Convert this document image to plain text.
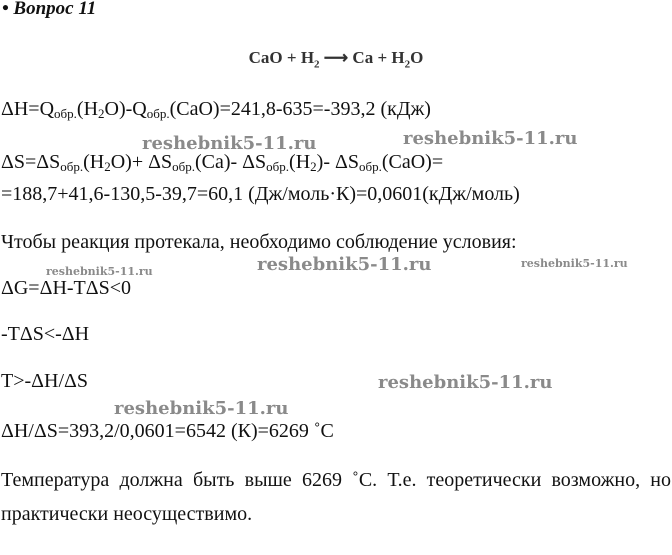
• Вопрос 11
CaO + $H_2$ ⟶ $Ca + H_2O$
$\Delta H=Q_{обр.}(H_2O)-Q_{обр.}(CaO)=241,8-635=-393,2$ (кДж)
$\Delta S=\Delta S_{обр.}(H_2O)+ \Delta S_{обр.}(Ca)-$ $\Delta S_{обр.}(H_2)-$ $\Delta S_{обр.}(CaO)=$
=188,7+41,6-130,5-39,7=60,1 (Дж/моль·К)=0,0601(кДж/моль)
Чтобы реакция протекала, необходимо соблюдение условия:
ΔG=ΔH-TΔS<0
-TΔS<-ΔH
T>-ΔH/ΔS
ΔH/ΔS=393,2/0,0601=6542 (К)=6269 ˚C
Температура должна быть выше 6269 ˚C. Т.е. теоретически возможно, но практически неосуществимо.
reshebnik5-11.ru	reshebnik5-11.ru
reshebnik5-11.ru	reshebnik5-11.ru	reshebnik5-11.ru
reshebnik5-11.ru
reshebnik5-11.ru
